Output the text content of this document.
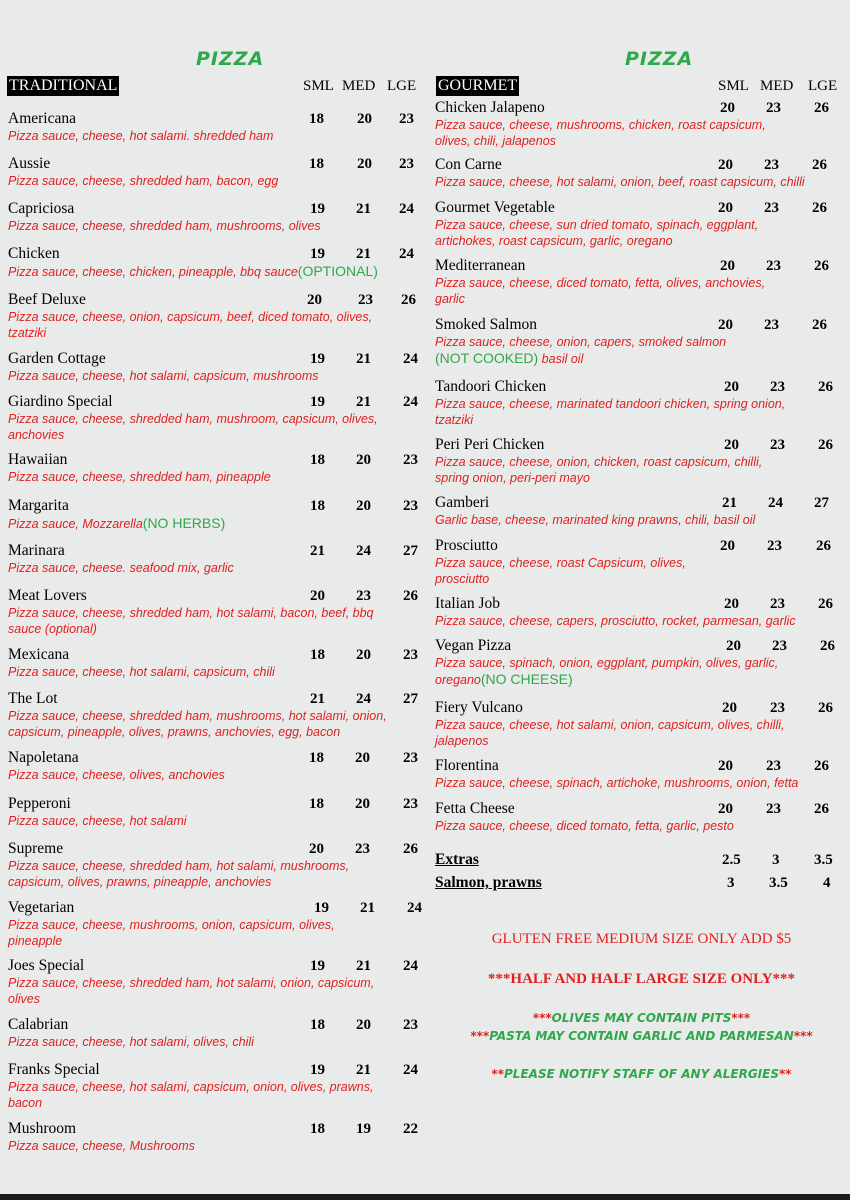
PIZZA
TRADITIONAL	SML MED LGE
Americana	18 20 23
Pizza sauce, cheese, hot salami. shredded ham
Aussie	18 20 23
Pizza sauce, cheese, shredded ham, bacon, egg
Capriciosa	19 21 24
Pizza sauce, cheese, shredded ham, mushrooms, olives
Chicken	19 21 24
Pizza sauce, cheese, chicken, pineapple, bbq sauce(OPTIONAL)
Beef Deluxe	20 23 26
Pizza sauce, cheese, onion, capsicum, beef, diced tomato, olives,
tzatziki
Garden Cottage	19 21 24
Pizza sauce, cheese, hot salami, capsicum, mushrooms
Giardino Special	19 21 24
Pizza sauce, cheese, shredded ham, mushroom, capsicum, olives,
anchovies
Hawaiian	18 20 23
Pizza sauce, cheese, shredded ham, pineapple
Margarita	18 20 23
Pizza sauce, Mozzarella(NO HERBS)
Marinara	21 24 27
Pizza sauce, cheese. seafood mix, garlic
Meat Lovers	20 23 26
Pizza sauce, cheese, shredded ham, hot salami, bacon, beef, bbq
sauce (optional)
Mexicana	18 20 23
Pizza sauce, cheese, hot salami, capsicum, chili
The Lot	21 24 27
Pizza sauce, cheese, shredded ham, mushrooms, hot salami, onion,
capsicum, pineapple, olives, prawns, anchovies, egg, bacon
Napoletana	18 20 23
Pizza sauce, cheese, olives, anchovies
Pepperoni	18 20 23
Pizza sauce, cheese, hot salami
Supreme	20 23 26
Pizza sauce, cheese, shredded ham, hot salami, mushrooms,
capsicum, olives, prawns, pineapple, anchovies
Vegetarian	19 21 24
Pizza sauce, cheese, mushrooms, onion, capsicum, olives,
pineapple
Joes Special	19 21 24
Pizza sauce, cheese, shredded ham, hot salami, onion, capsicum,
olives
Calabrian	18 20 23
Pizza sauce, cheese, hot salami, olives, chili
Franks Special	19 21 24
Pizza sauce, cheese, hot salami, capsicum, onion, olives, prawns,
bacon
Mushroom	18 19 22
Pizza sauce, cheese, Mushrooms
PIZZA
GOURMET	SML MED LGE
Chicken Jalapeno	20 23 26
Pizza sauce, cheese, mushrooms, chicken, roast capsicum,
olives, chili, jalapenos
Con Carne	20 23 26
Pizza sauce, cheese, hot salami, onion, beef, roast capsicum, chilli
Gourmet Vegetable	20 23 26
Pizza sauce, cheese, sun dried tomato, spinach, eggplant,
artichokes, roast capsicum, garlic, oregano
Mediterranean	20 23 26
Pizza sauce, cheese, diced tomato, fetta, olives, anchovies,
garlic
Smoked Salmon	20 23 26
Pizza sauce, cheese, onion, capers, smoked salmon
(NOT COOKED) basil oil
Tandoori Chicken	20 23 26
Pizza sauce, cheese, marinated tandoori chicken, spring onion,
tzatziki
Peri Peri Chicken	20 23 26
Pizza sauce, cheese, onion, chicken, roast capsicum, chilli,
spring onion, peri-peri mayo
Gamberi	21 24 27
Garlic base, cheese, marinated king prawns, chili, basil oil
Prosciutto	20 23 26
Pizza sauce, cheese, roast Capsicum, olives,
prosciutto
Italian Job	20 23 26
Pizza sauce, cheese, capers, prosciutto, rocket, parmesan, garlic
Vegan Pizza	20 23 26
Pizza sauce, spinach, onion, eggplant, pumpkin, olives, garlic,
oregano(NO CHEESE)
Fiery Vulcano	20 23 26
Pizza sauce, cheese, hot salami, onion, capsicum, olives, chilli,
jalapenos
Florentina	20 23 26
Pizza sauce, cheese, spinach, artichoke, mushrooms, onion, fetta
Fetta Cheese	20 23 26
Pizza sauce, cheese, diced tomato, fetta, garlic, pesto
Extras	2.5 3 3.5
Salmon, prawns	3 3.5 4
GLUTEN FREE MEDIUM SIZE ONLY ADD $5
***HALF AND HALF LARGE SIZE ONLY***
***OLIVES MAY CONTAIN PITS***
***PASTA MAY CONTAIN GARLIC AND PARMESAN***
**PLEASE NOTIFY STAFF OF ANY ALERGIES**
